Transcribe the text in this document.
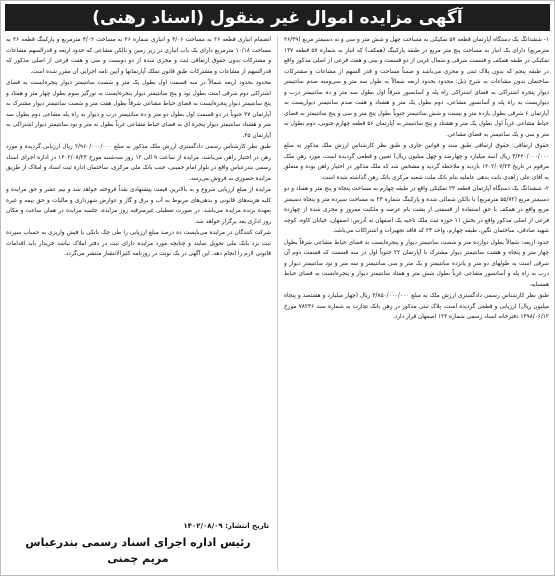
آگهی مزایده اموال غیر منقول (اسناد رهنی)

۱- ششدانگ یک دستگاه آپارتمان قطعه ۵۷ تفکیکی به مساحت چهل و شش متر و سی و نه دسیمتر مربع (۴۶/۳۹ مترمربع) دارای یک انبار به مساحت پنج متر مربع در طبقه پارکینگ (همکف) که انبار به شماره ۵۷ قطعه ۱۳۷ تفکیکی در طبقه همکف و قسمت شرقی و شمال غربی از دو قسمت و سی و هفت فرعی از اصلی مذکور واقع در طبقه پنجم که بدون پلاک ثبتی و مجزی می‌باشد و ضمناً مساحت و قدر السهم از مشاعات و مشترکات ساختمان بدون مشاعات به شرح ذیل: محدود بحدود اربعه شمالاً به طول سه متر و سی‌وسه صدم سانتیمتر دیوار پنجره اشتراکی به فضای اشتراکی راه پله و آسانسور شرقاً اول بطول سه متر و ده سانتیمتر درب و دیواریست به راه پله و آسانسور مشاعی، دوم بطول یک متر و هشتاد و هفت صدم سانتیمتر دیواریست به آپارتمان ۶ شرقی بطول یازده متر و بیست و شش سانتیمتر جنوباً بطول پنج متر و سی و پنج سانتیمتر به فضای حیاط مشاعی غرباً اول بطول یک متر و هشتاد و پنج سانتیمتر به آپارتمان ۵۶ قطعه چهارم جنوبی، دوم بطول نه متر و سی و یک سانتیمتر به فضای مشاعی.

حقوق ارتفاقی: حقوق ارتفاقی طبق سند و قوانین جاری و طبق نظر کارشناس ارزش ملک مذکور به مبلغ ۳/۴۴۰/۰۰۰/۰۰۰ ریال (سه میلیارد و چهارصد و چهل میلیون ریال) تعیین و قطعی گردیده است، مورد رهن ملک مرقوم در تاریخ ۱۴۰۲/۰۷/۲۳ بازدید و ملاحظه گردید و مشخص شد که ملک مذکور در اختیار راهن بوده و متعلق به آقای علی زاهدی بابت بدهی عاملیه بنام بانک ملت شعبه مرکزی بانک رهن گذاشته شده است.

۲- ششدانگ یک دستگاه آپارتمان قطعه ۲۳ تفکیکی واقع در طبقه چهارم به مساحت پنجاه و پنج متر و هفتاد و دو دسیمتر مربع (۵۵/۷۲ مترمربع) با بالکن شمالی شده و پارکینگ شماره ۲۳ به مساحت سیزده متر و پنجاه دسیمتر مربع واقع در همکف با حق استفاده از قسمتی از پشت بام عرصه و ملکیت مفروز و مجزی شده از چهارده فرعی از اصلی مذکور واقع در بخش ۱۱ حوزه ثبت ملک ناحیه یک اصفهان به آدرس: اصفهان، خیابان کاوه، کوچه شهید صادقی، ساختمان نگین، طبقه چهارم، واحد ۲۳ که فاقد تجهیزات و اشتراکات می‌باشد.

حدود اربعه: شمالاً بطول دوازده متر و شصت سانتیمتر دیوار و پنجره‌ایست به فضای حیاط مشاعی شرقاً بطول چهار متر و پنجاه و هشت سانتیمتر دیوار مشترک با آپارتمان ۲۲ جنوباً اول در سه قسمت که قسمت دوم آن شرقی است به طولهای دو متر و پانزده سانتیمتر و یک متر و سی سانتیمتر و سه متر و نود سانتیمتر دیوار و درب به راه پله و آسانسور مشاعی غرباً بطول شش متر و هفتاد سانتیمتر دیوار و پنجره‌ایست به فضای حیاط همسایه.

طبق نظر کارشناس رسمی دادگستری ارزش ملک به مبلغ ۴/۸۵۰/۰۰۰/۰۰۰ ریال (چهار میلیارد و هشتصد و پنجاه میلیون ریال) ارزیابی و قطعی گردیده است، پلاک ثبتی مذکور در رهن بانک تجارت به شماره سند ۷۸۲۳۶ مورخ ۱۳۹۸/۰۶/۱۲ دفترخانه اسناد رسمی شماره ۱۲۴ اصفهان قرار دارد.

انضمام انباری قطعه ۴۶ به مساحت ۳/۰۶ و انباری شماره ۴۶ به مساحت ۳/۰۲ مترمربع و پارکینگ قطعه ۴۶ به مساحت ۱۰/۱۸ مترمربع دارای یک باب انباری در زیر زمین و بالکن مشاعی که حدود اربعه و قدرالسهم مشاعات و مشترکات بدون حقوق ارتفاقی ثبت و مجزی شده از دو دویست و سی و هفت فرعی از اصلی مذکور که قدرالسهم از مشاعات و مشترکات طبق قانون تملک آپارتمانها و آیین نامه اجرایی آن مقرر شده است.

محدود بحدود اربعه شمالاً در سه قسمت اول بطول یک متر و شصت سانتیمتر دیوار پنجره‌ایست به فضای اشتراکی دوم شرقی است بطول نود و پنج سانتیمتر دیوار پنجره‌ایست به نورگیر سوم بطول چهار متر و هفتاد و پنج سانتیمتر دیوار پنجره‌ایست به فضای حیاط مشاعی شرقاً بطول هفت متر و شصت سانتیمتر دیوار مشترک به آپارتمان ۴۷ جنوباً در دو قسمت اول بطول دو متر و ده سانتیمتر درب و دیوار به راه پله مشاعی دوم بطول سه متر و هشتاد سانتیمتر دیوار پنجره ای به فضای حیاط مشاعی غرباً بطول نه متر و نود سانتیمتر دیوار اشتراکی به آپارتمان ۴۵.

طبق نظر کارشناس رسمی دادگستری ارزش ملک مذکور به مبلغ ۲/۹۶۰/۰۰۰/۰۰۰ ریال ارزیابی گردیده و مورد رهن در اختیار راهن می‌باشد، مزایده از ساعت ۹ الی ۱۲ روز سه‌شنبه مورخ ۱۴۰۲/۰۸/۲۳ در اداره اجرای اسناد رسمی بندرعباس واقع در بلوار امام خمینی، جنب بانک ملی مرکزی، ساختمان اداره ثبت اسناد و املاک از طریق مزایده حضوری به فروش می‌رسد.

مزایده از مبلغ ارزیابی شروع و به بالاترین قیمت پیشنهادی نقداً فروخته خواهد شد و نیم عشر و حق مزایده و کلیه هزینه‌های قانونی و بدهی‌های مربوط به آب و برق و گاز و عوارض شهرداری و مالیات و حق بیمه و غیره بعهده برنده مزایده می‌باشد. در صورت تعطیلی غیرمترقبه روز مزایده، جلسه مزایده در همان ساعت و مکان روز اداری بعد برگزار خواهد شد.

شرکت کنندگان در مزایده می‌بایست ده درصد مبلغ ارزیابی را طی چک بانکی یا فیش واریزی به حساب سپرده ثبت نزد بانک ملی تحویل نمایند و چنانچه مورد مزایده دارای ثبت در دفتر املاک نباشد خریدار باید اقدامات قانونی لازم را انجام دهد. این آگهی در یک نوبت در روزنامه کثیرالانتشار منتشر می‌گردد.

تاریخ انتشار: ۱۴۰۲/۰۸/۰۹
رئیس اداره اجرای اسناد رسمی بندرعباس
مریم چمنی
